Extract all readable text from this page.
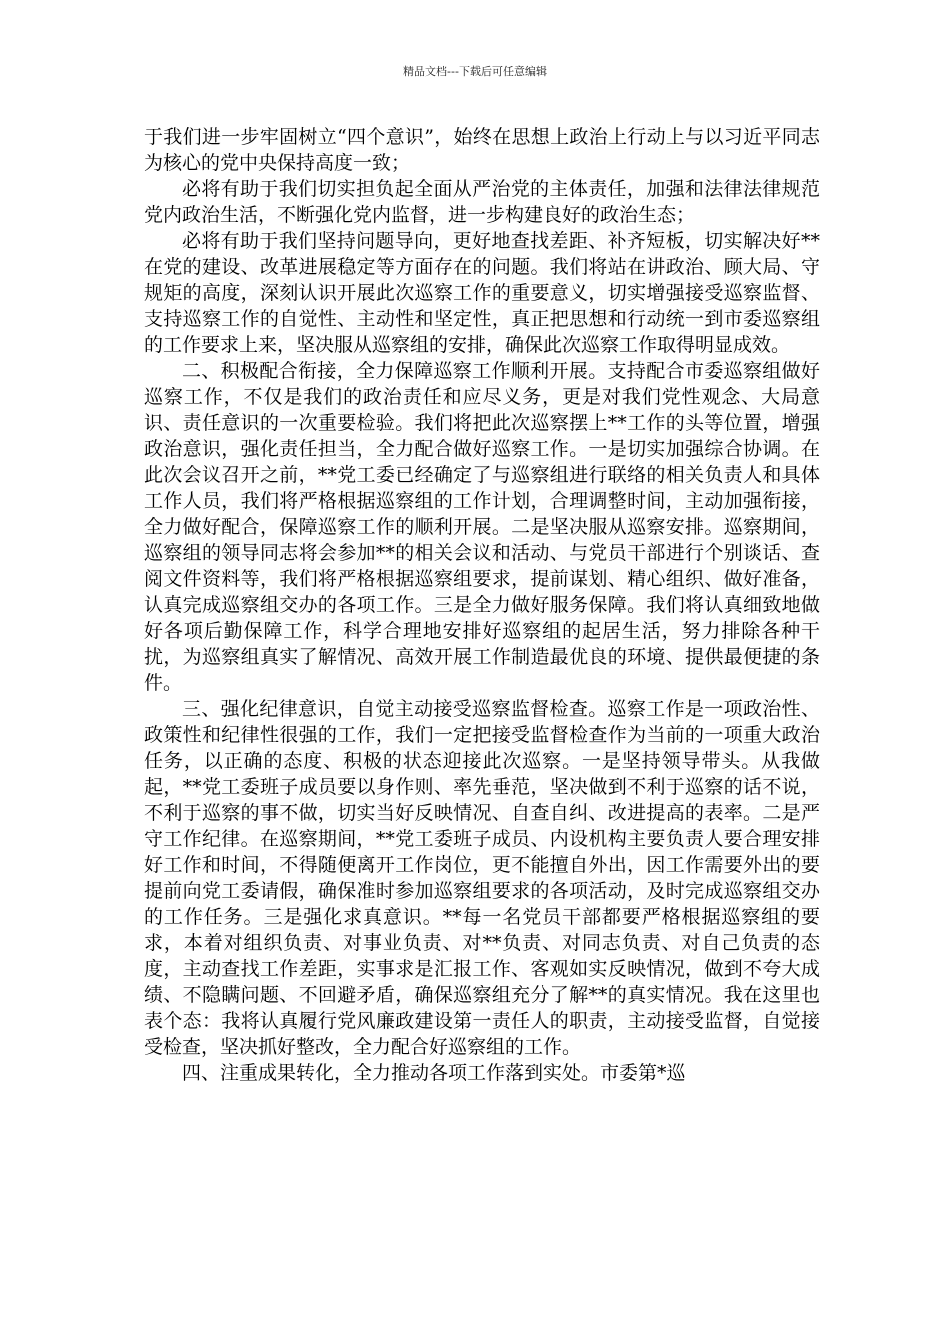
精品文档---下载后可任意编辑

于我们进一步牢固树立“四个意识”，始终在思想上政治上行动上与以习近平同志为核心的党中央保持高度一致；

必将有助于我们切实担负起全面从严治党的主体责任，加强和法律法律规范党内政治生活，不断强化党内监督，进一步构建良好的政治生态；

必将有助于我们坚持问题导向，更好地查找差距、补齐短板，切实解决好**在党的建设、改革进展稳定等方面存在的问题。我们将站在讲政治、顾大局、守规矩的高度，深刻认识开展此次巡察工作的重要意义，切实增强接受巡察监督、支持巡察工作的自觉性、主动性和坚定性，真正把思想和行动统一到市委巡察组的工作要求上来，坚决服从巡察组的安排，确保此次巡察工作取得明显成效。

二、积极配合衔接，全力保障巡察工作顺利开展。支持配合市委巡察组做好巡察工作，不仅是我们的政治责任和应尽义务，更是对我们党性观念、大局意识、责任意识的一次重要检验。我们将把此次巡察摆上**工作的头等位置，增强政治意识，强化责任担当，全力配合做好巡察工作。一是切实加强综合协调。在此次会议召开之前，**党工委已经确定了与巡察组进行联络的相关负责人和具体工作人员，我们将严格根据巡察组的工作计划，合理调整时间，主动加强衔接，全力做好配合，保障巡察工作的顺利开展。二是坚决服从巡察安排。巡察期间，巡察组的领导同志将会参加**的相关会议和活动、与党员干部进行个别谈话、查阅文件资料等，我们将严格根据巡察组要求，提前谋划、精心组织、做好准备，认真完成巡察组交办的各项工作。三是全力做好服务保障。我们将认真细致地做好各项后勤保障工作，科学合理地安排好巡察组的起居生活，努力排除各种干扰，为巡察组真实了解情况、高效开展工作制造最优良的环境、提供最便捷的条件。

三、强化纪律意识，自觉主动接受巡察监督检查。巡察工作是一项政治性、政策性和纪律性很强的工作，我们一定把接受监督检查作为当前的一项重大政治任务，以正确的态度、积极的状态迎接此次巡察。一是坚持领导带头。从我做起，**党工委班子成员要以身作则、率先垂范，坚决做到不利于巡察的话不说，不利于巡察的事不做，切实当好反映情况、自查自纠、改进提高的表率。二是严守工作纪律。在巡察期间，**党工委班子成员、内设机构主要负责人要合理安排好工作和时间，不得随便离开工作岗位，更不能擅自外出，因工作需要外出的要提前向党工委请假，确保准时参加巡察组要求的各项活动，及时完成巡察组交办的工作任务。三是强化求真意识。**每一名党员干部都要严格根据巡察组的要求，本着对组织负责、对事业负责、对**负责、对同志负责、对自己负责的态度，主动查找工作差距，实事求是汇报工作、客观如实反映情况，做到不夸大成绩、不隐瞒问题、不回避矛盾，确保巡察组充分了解**的真实情况。我在这里也表个态：我将认真履行党风廉政建设第一责任人的职责，主动接受监督，自觉接受检查，坚决抓好整改，全力配合好巡察组的工作。

四、注重成果转化，全力推动各项工作落到实处。市委第*巡
